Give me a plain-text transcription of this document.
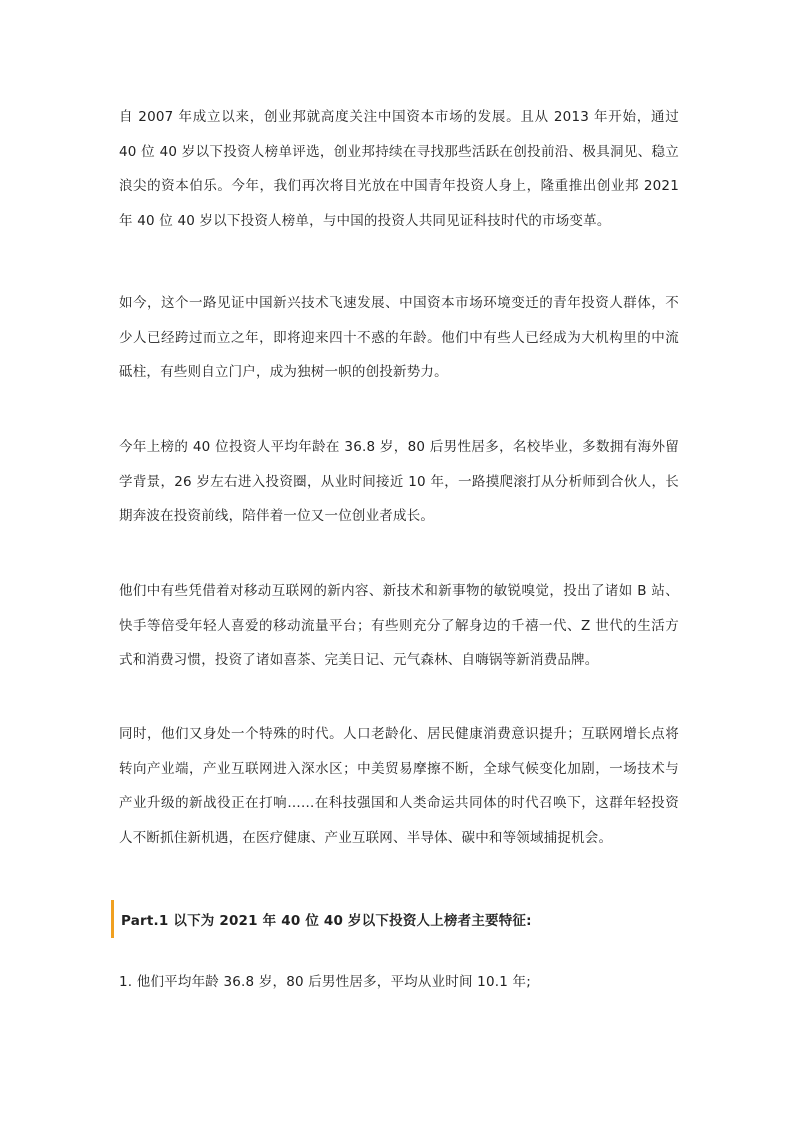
自 2007 年成立以来，创业邦就高度关注中国资本市场的发展。且从 2013 年开始，通过 40 位 40 岁以下投资人榜单评选，创业邦持续在寻找那些活跃在创投前沿、极具洞见、稳立浪尖的资本伯乐。今年，我们再次将目光放在中国青年投资人身上，隆重推出创业邦 2021 年 40 位 40 岁以下投资人榜单，与中国的投资人共同见证科技时代的市场变革。

如今，这个一路见证中国新兴技术飞速发展、中国资本市场环境变迁的青年投资人群体，不少人已经跨过而立之年，即将迎来四十不惑的年龄。他们中有些人已经成为大机构里的中流砥柱，有些则自立门户，成为独树一帜的创投新势力。

今年上榜的 40 位投资人平均年龄在 36.8 岁，80 后男性居多，名校毕业，多数拥有海外留学背景，26 岁左右进入投资圈，从业时间接近 10 年，一路摸爬滚打从分析师到合伙人，长期奔波在投资前线，陪伴着一位又一位创业者成长。

他们中有些凭借着对移动互联网的新内容、新技术和新事物的敏锐嗅觉，投出了诸如 B 站、快手等倍受年轻人喜爱的移动流量平台；有些则充分了解身边的千禧一代、Z 世代的生活方式和消费习惯，投资了诸如喜茶、完美日记、元气森林、自嗨锅等新消费品牌。

同时，他们又身处一个特殊的时代。人口老龄化、居民健康消费意识提升；互联网增长点将转向产业端，产业互联网进入深水区；中美贸易摩擦不断，全球气候变化加剧，一场技术与产业升级的新战役正在打响……在科技强国和人类命运共同体的时代召唤下，这群年轻投资人不断抓住新机遇，在医疗健康、产业互联网、半导体、碳中和等领域捕捉机会。

Part.1 以下为 2021 年 40 位 40 岁以下投资人上榜者主要特征:

1. 他们平均年龄 36.8 岁，80 后男性居多，平均从业时间 10.1 年;
